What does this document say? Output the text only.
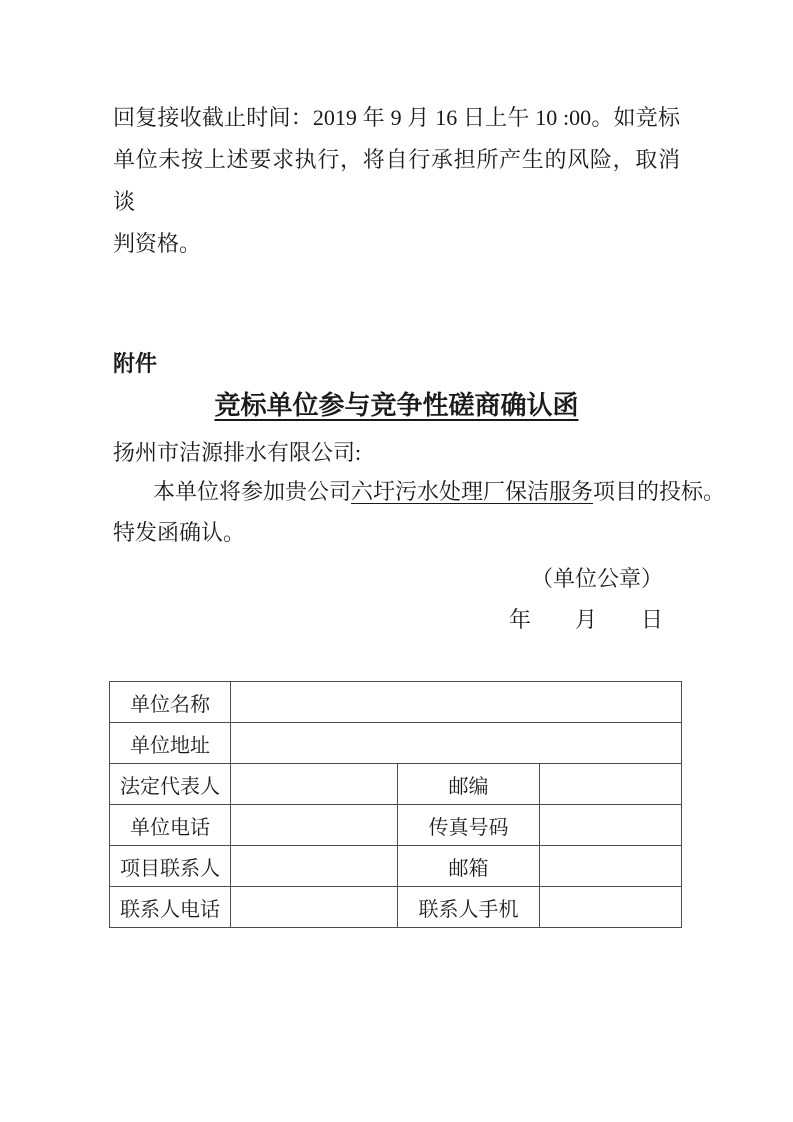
回复接收截止时间：2019 年 9 月 16 日上午 10 :00。如竞标
单位未按上述要求执行，将自行承担所产生的风险，取消谈
判资格。
附件
竞标单位参与竞争性磋商确认函
扬州市洁源排水有限公司:
本单位将参加贵公司六圩污水处理厂保洁服务项目的投标。
特发函确认。
（单位公章）
年　　月　　日
单位名称			
单位地址			
法定代表人		邮编	
单位电话		传真号码	
项目联系人		邮箱	
联系人电话		联系人手机	
